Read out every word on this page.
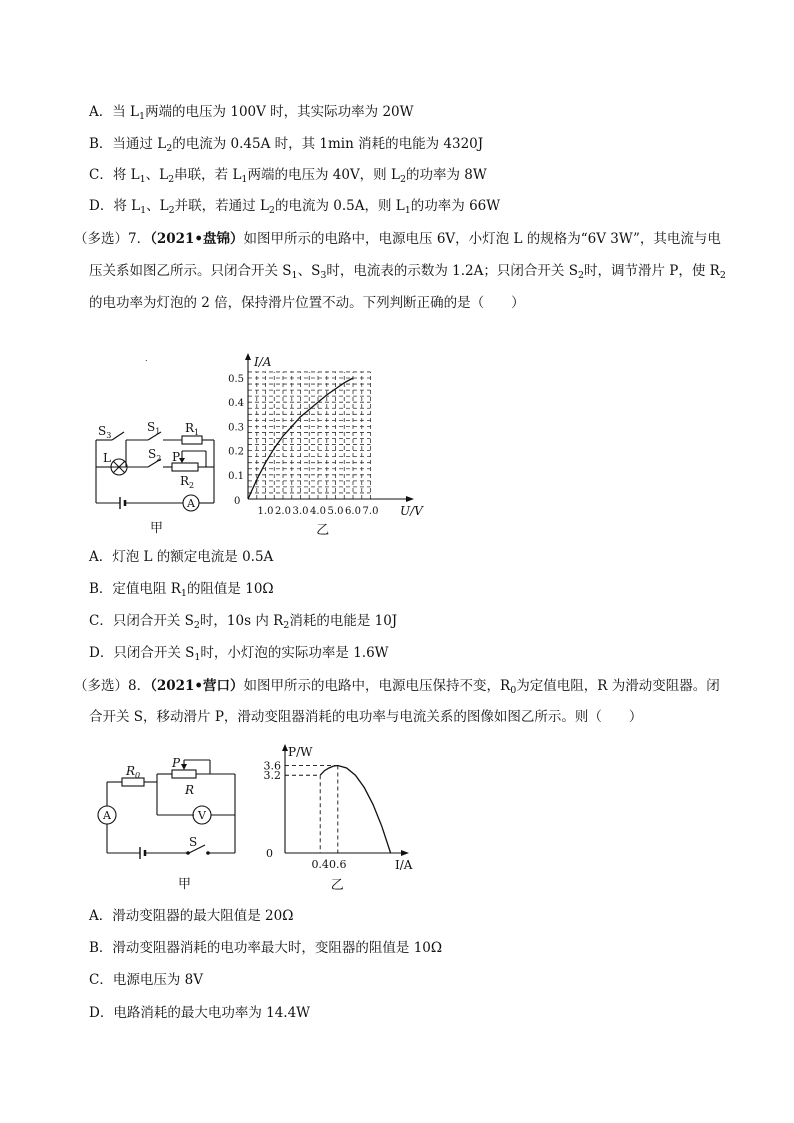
A．当 $L_1$两端的电压为 100V 时，其实际功率为 20W
B．当通过 $L_2$的电流为 0.45A 时，其 1min 消耗的电能为 4320J
C．将 $L_1$、$L_2$串联，若 $L_1$两端的电压为 40V，则 $L_2$的功率为 8W
D．将 $L_1$、$L_2$并联，若通过 $L_2$的电流为 0.5A，则 $L_1$的功率为 66W
（多选）7．（2021•盘锦）如图甲所示的电路中，电源电压 6V，小灯泡 L 的规格为“6V 3W”，其电流与电
压关系如图乙所示。只闭合开关 $S_1$、$S_3$时，电流表的示数为 1.2A；只闭合开关 $S_2$时，调节滑片 P，使 $R_2$
的电功率为灯泡的 2 倍，保持滑片位置不动。下列判断正确的是（　　）
.
$S_3$
$S_1$ $R_1$
L	$S_2$ P
$R_2$
A
甲
1.0 2.0 3.0 4.0 5.0 6.0 7.0
0.1
0.2
0.3
0.4
0.5
0
I/A
U/V
乙
A．灯泡 L 的额定电流是 0.5A
B．定值电阻 $R_1$的阻值是 10Ω
C．只闭合开关 $S_2$时，10s 内 $R_2$消耗的电能是 10J
D．只闭合开关 $S_1$时，小灯泡的实际功率是 1.6W
（多选）8．（2021•营口）如图甲所示的电路中，电源电压保持不变，$R_0$为定值电阻，R 为滑动变阻器。闭
合开关 S，移动滑片 P，滑动变阻器消耗的电功率与电流关系的图像如图乙所示。则（　　）
$R_0$
P
R
A	V
S
甲
0.4 0.6
3.2
3.6
0
P/W
I/A
乙
A．滑动变阻器的最大阻值是 20Ω
B．滑动变阻器消耗的电功率最大时，变阻器的阻值是 10Ω
C．电源电压为 8V
D．电路消耗的最大电功率为 14.4W
